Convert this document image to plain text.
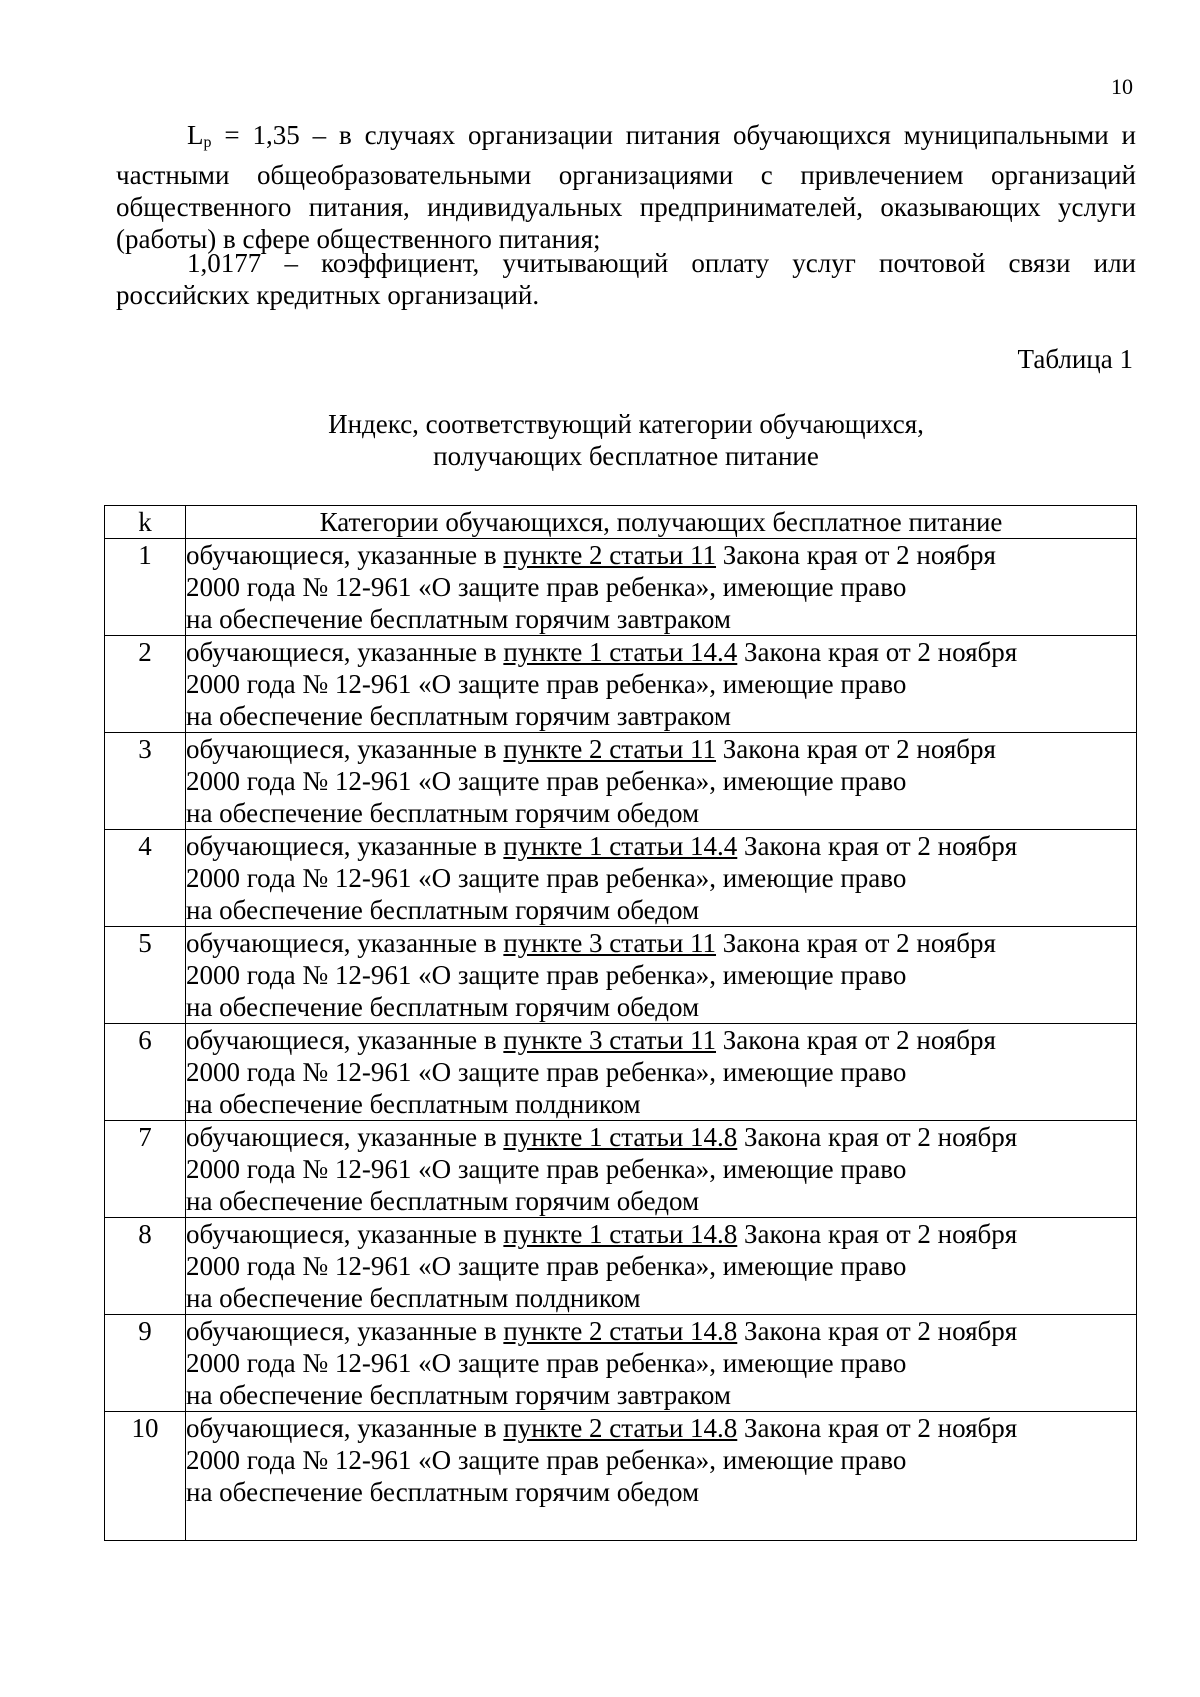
10
Lр = 1,35 – в случаях организации питания обучающихся муниципальными и частными общеобразовательными организациями с привлечением организаций общественного питания, индивидуальных предпринимателей, оказывающих услуги (работы) в сфере общественного питания;
1,0177 – коэффициент, учитывающий оплату услуг почтовой связи или российских кредитных организаций.
Таблица 1
Индекс, соответствующий категории обучающихся,
получающих бесплатное питание
k	Категории обучающихся, получающих бесплатное питание
1	обучающиеся, указанные в пункте 2 статьи 11 Закона края от 2 ноября
2000 года № 12-961 «О защите прав ребенка», имеющие право
на обеспечение бесплатным горячим завтраком

2	обучающиеся, указанные в пункте 1 статьи 14.4 Закона края от 2 ноября
2000 года № 12-961 «О защите прав ребенка», имеющие право
на обеспечение бесплатным горячим завтраком

3	обучающиеся, указанные в пункте 2 статьи 11 Закона края от 2 ноября
2000 года № 12-961 «О защите прав ребенка», имеющие право
на обеспечение бесплатным горячим обедом

4	обучающиеся, указанные в пункте 1 статьи 14.4 Закона края от 2 ноября
2000 года № 12-961 «О защите прав ребенка», имеющие право
на обеспечение бесплатным горячим обедом

5	обучающиеся, указанные в пункте 3 статьи 11 Закона края от 2 ноября
2000 года № 12-961 «О защите прав ребенка», имеющие право
на обеспечение бесплатным горячим обедом

6	обучающиеся, указанные в пункте 3 статьи 11 Закона края от 2 ноября
2000 года № 12-961 «О защите прав ребенка», имеющие право
на обеспечение бесплатным полдником

7	обучающиеся, указанные в пункте 1 статьи 14.8 Закона края от 2 ноября
2000 года № 12-961 «О защите прав ребенка», имеющие право
на обеспечение бесплатным горячим обедом

8	обучающиеся, указанные в пункте 1 статьи 14.8 Закона края от 2 ноября
2000 года № 12-961 «О защите прав ребенка», имеющие право
на обеспечение бесплатным полдником

9	обучающиеся, указанные в пункте 2 статьи 14.8 Закона края от 2 ноября
2000 года № 12-961 «О защите прав ребенка», имеющие право
на обеспечение бесплатным горячим завтраком

10	обучающиеся, указанные в пункте 2 статьи 14.8 Закона края от 2 ноября
2000 года № 12-961 «О защите прав ребенка», имеющие право
на обеспечение бесплатным горячим обедом
